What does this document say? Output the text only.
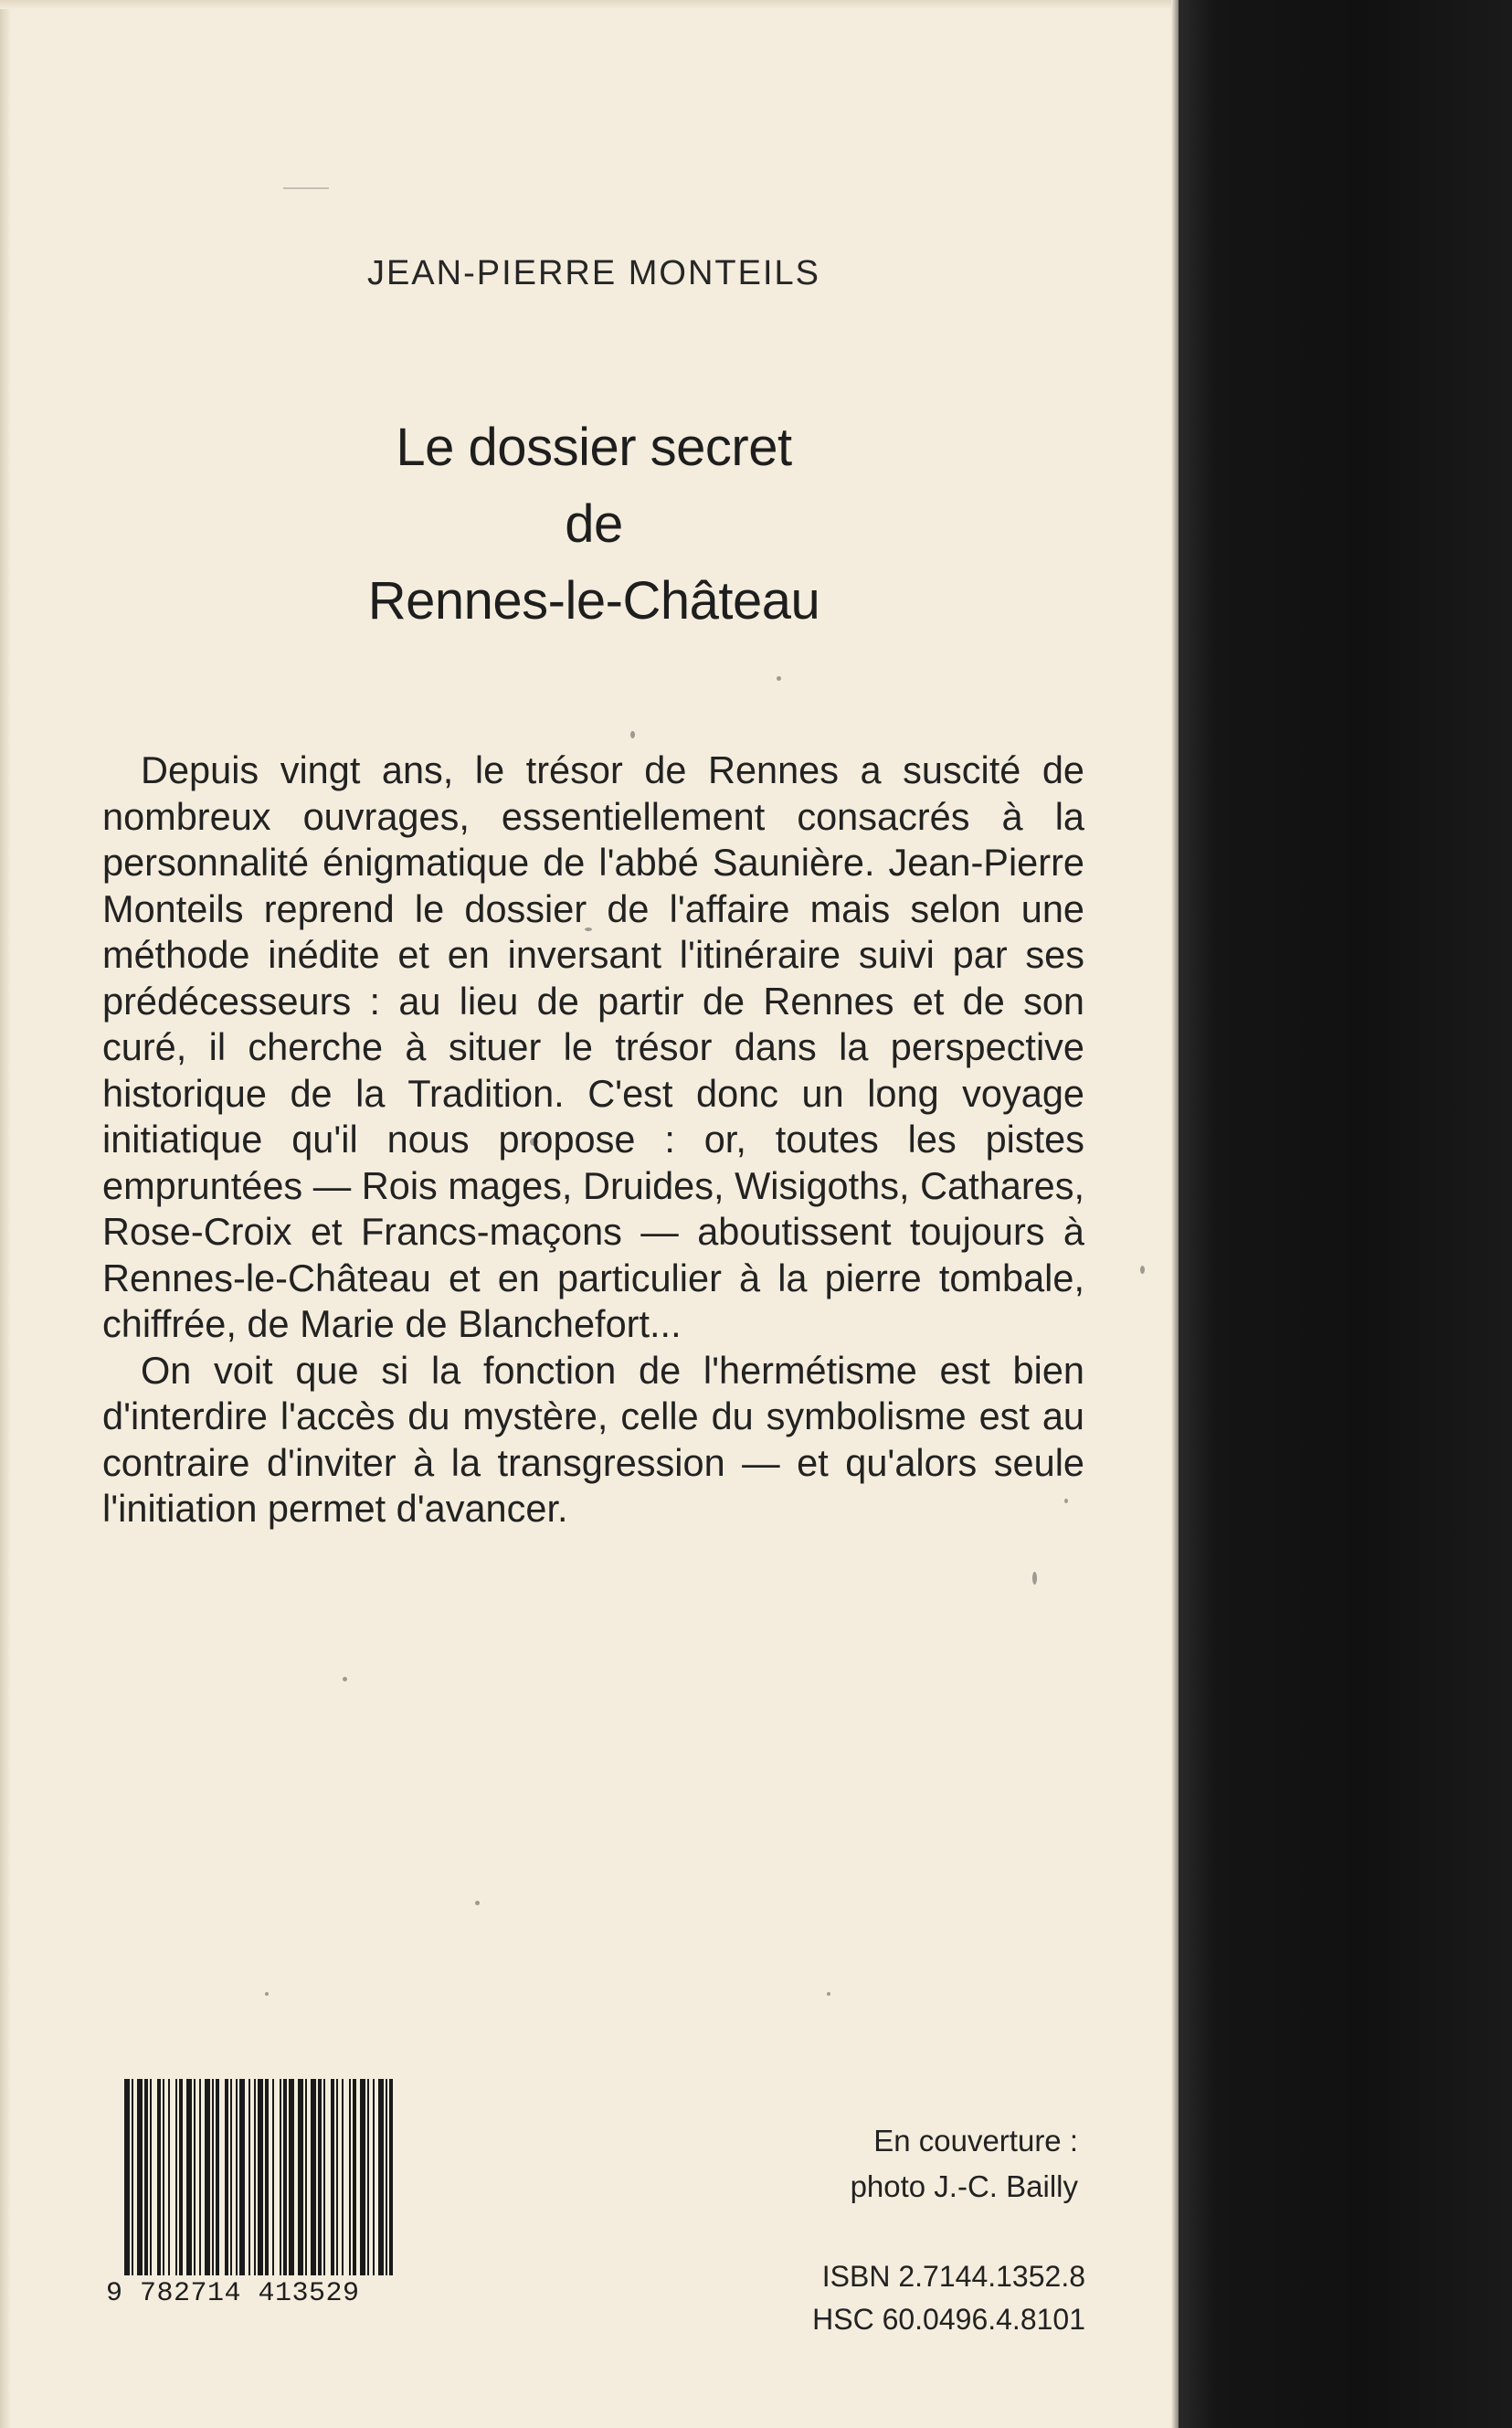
JEAN-PIERRE MONTEILS
Le dossier secret
de
Rennes-le-Château

Depuis vingt ans, le trésor de Rennes a suscité de nombreux ouvrages, essentiellement consacrés à la personnalité énigmatique de l'abbé Saunière. Jean-Pierre Monteils reprend le dossier de l'affaire mais selon une méthode inédite et en inversant l'itinéraire suivi par ses prédécesseurs : au lieu de partir de Rennes et de son curé, il cherche à situer le trésor dans la perspective historique de la Tradition. C'est donc un long voyage initiatique qu'il nous propose : or, toutes les pistes empruntées — Rois mages, Druides, Wisigoths, Cathares, Rose-Croix et Francs-maçons — aboutissent toujours à Rennes-le-Château et en particulier à la pierre tombale, chiffrée, de Marie de Blanchefort...

On voit que si la fonction de l'hermétisme est bien d'interdire l'accès du mystère, celle du symbolisme est au contraire d'inviter à la transgression — et qu'alors seule l'initiation permet d'avancer.

9 782714 413529
En couverture :
photo J.-C. Bailly
ISBN 2.7144.1352.8
HSC 60.0496.4.8101
